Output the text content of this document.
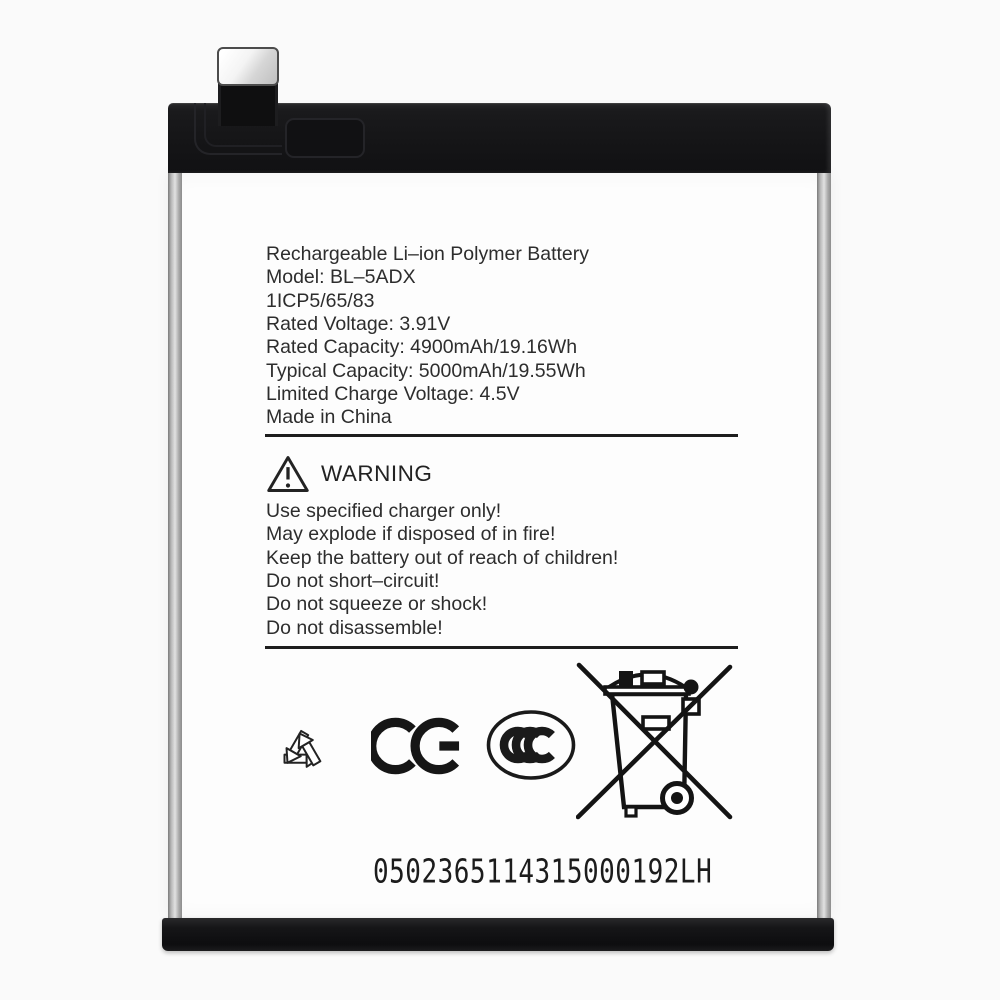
Rechargeable Li–ion Polymer Battery
Model: BL–5ADX
1ICP5/65/83
Rated Voltage: 3.91V
Rated Capacity: 4900mAh/19.16Wh
Typical Capacity: 5000mAh/19.55Wh
Limited Charge Voltage: 4.5V
Made in China
WARNING
Use specified charger only!
May explode if disposed of in fire!
Keep the battery out of reach of children!
Do not short–circuit!
Do not squeeze or shock!
Do not disassemble!
0502365114315000192LH
